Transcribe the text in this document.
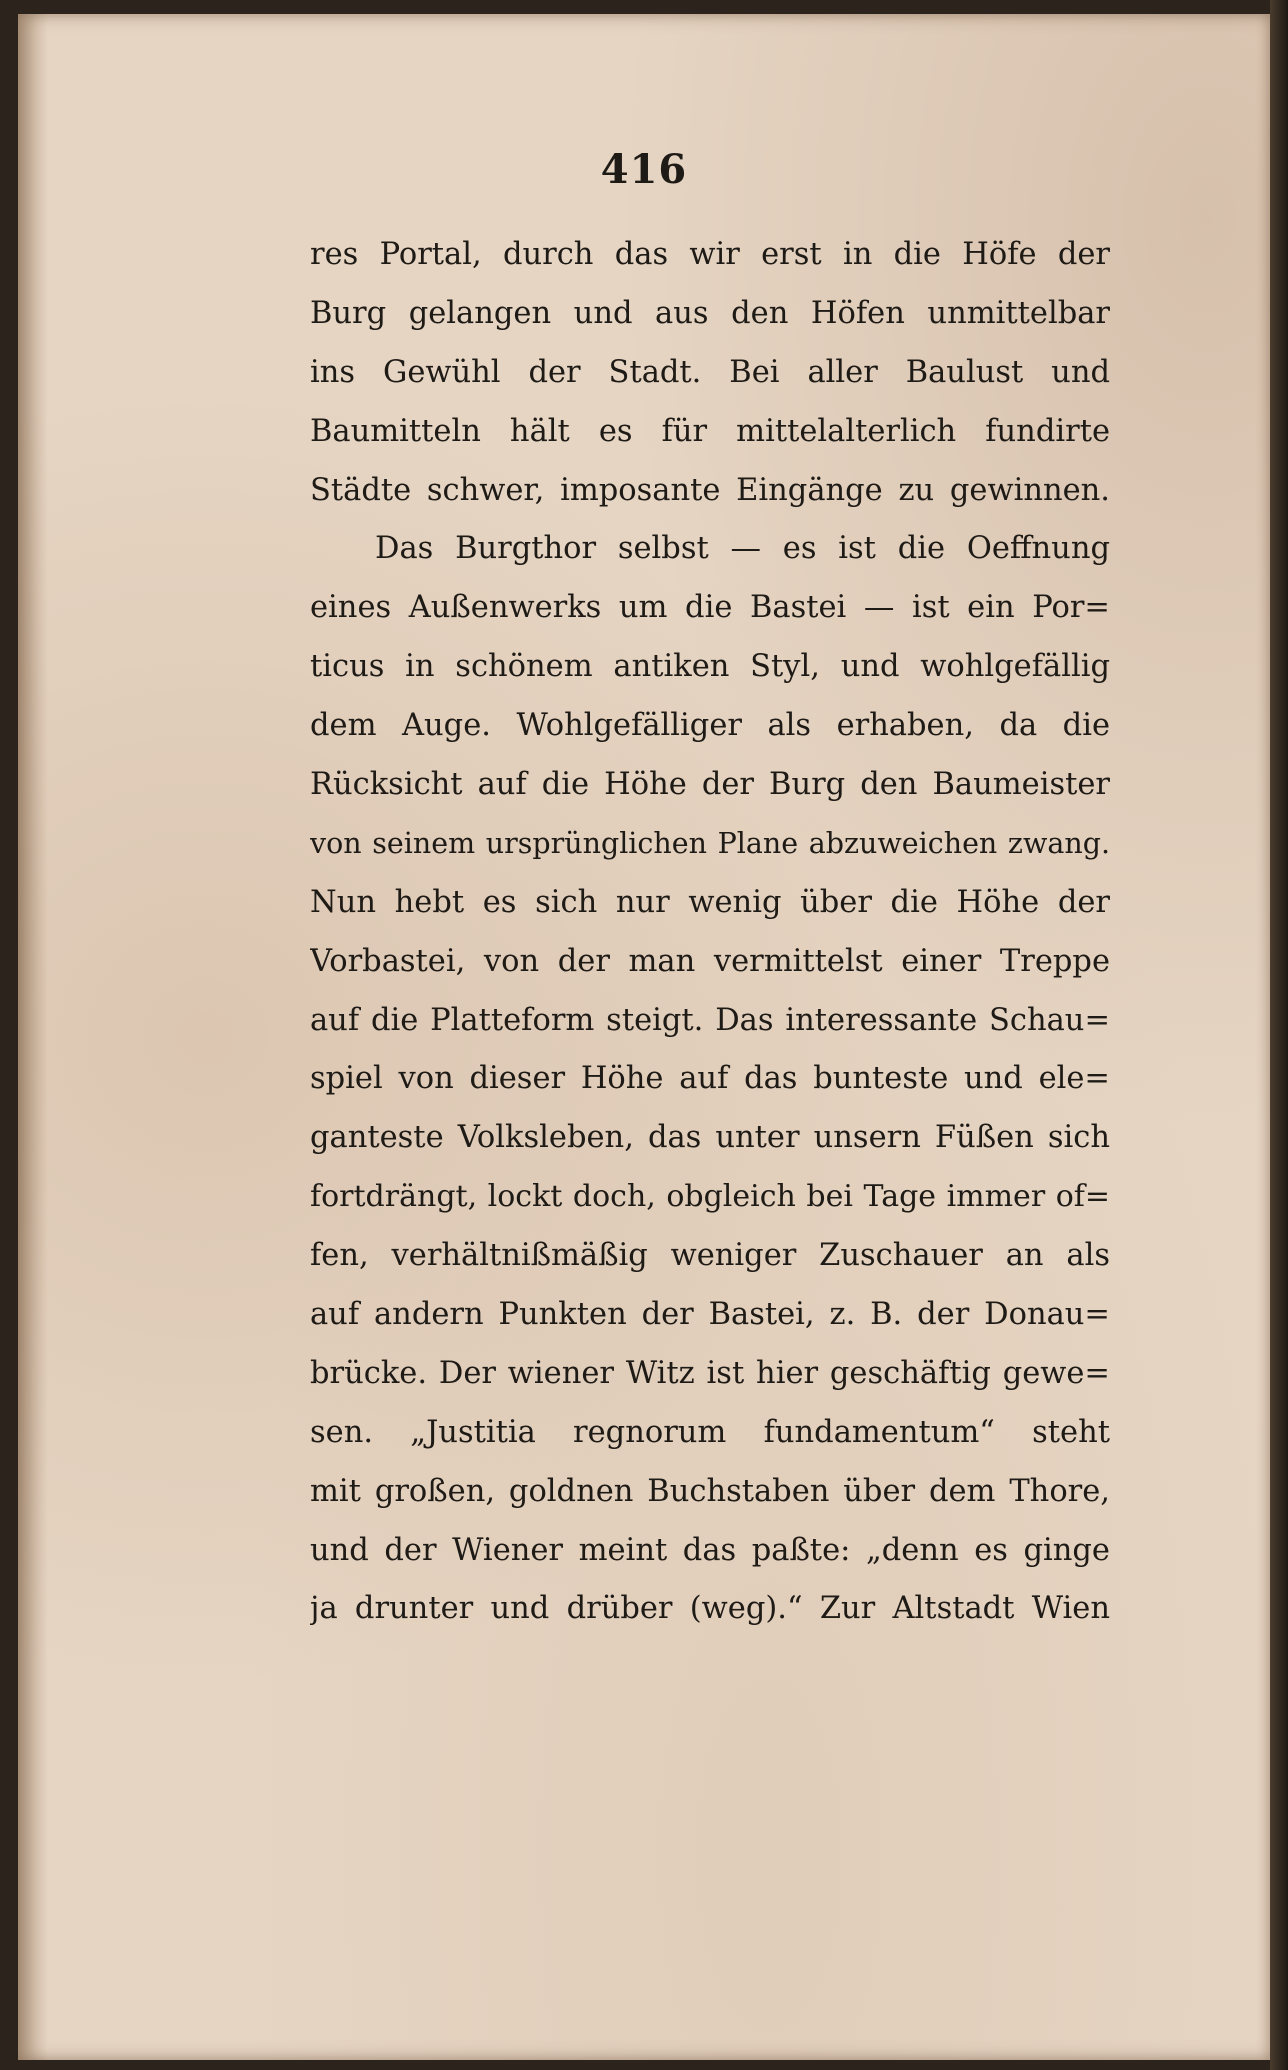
416
res Portal, durch das wir erst in die Höfe der
Burg gelangen und aus den Höfen unmittelbar
ins Gewühl der Stadt. Bei aller Baulust und
Baumitteln hält es für mittelalterlich fundirte
Städte schwer, imposante Eingänge zu gewinnen.
Das Burgthor selbst — es ist die Oeffnung
eines Außenwerks um die Bastei — ist ein Por=
ticus in schönem antiken Styl, und wohlgefällig
dem Auge. Wohlgefälliger als erhaben, da die
Rücksicht auf die Höhe der Burg den Baumeister
von seinem ursprünglichen Plane abzuweichen zwang.
Nun hebt es sich nur wenig über die Höhe der
Vorbastei, von der man vermittelst einer Treppe
auf die Platteform steigt. Das interessante Schau=
spiel von dieser Höhe auf das bunteste und ele=
ganteste Volksleben, das unter unsern Füßen sich
fortdrängt, lockt doch, obgleich bei Tage immer of=
fen, verhältnißmäßig weniger Zuschauer an als
auf andern Punkten der Bastei, z. B. der Donau=
brücke. Der wiener Witz ist hier geschäftig gewe=
sen. „Justitia regnorum fundamentum“ steht
mit großen, goldnen Buchstaben über dem Thore,
und der Wiener meint das paßte: „denn es ginge
ja drunter und drüber (weg).“ Zur Altstadt Wien
